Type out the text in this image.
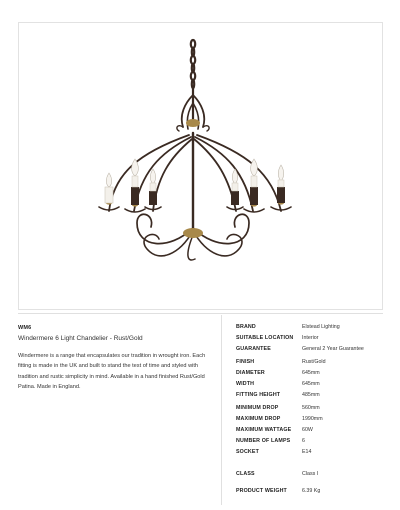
WM6
Windermere 6 Light Chandelier - Rust/Gold
Windermere is a range that encapsulates our tradition in wrought iron. Each fitting is made in the UK and built to stand the test of time and styled with tradition and rustic simplicity in mind. Available in a hand finished Rust/Gold Patina. Made in England.
BRAND	Elstead Lighting
SUITABLE LOCATION Interior
GUARANTEE	General 2 Year Guarantee
FINISH	Rust/Gold
DIAMETER	645mm
WIDTH	645mm
FITTING HEIGHT	485mm
MINIMUM DROP	560mm
MAXIMUM DROP	1990mm
MAXIMUM WATTAGE 60W
NUMBER OF LAMPS 6
SOCKET	E14
CLASS	Class I
PRODUCT WEIGHT	6.39 Kg
